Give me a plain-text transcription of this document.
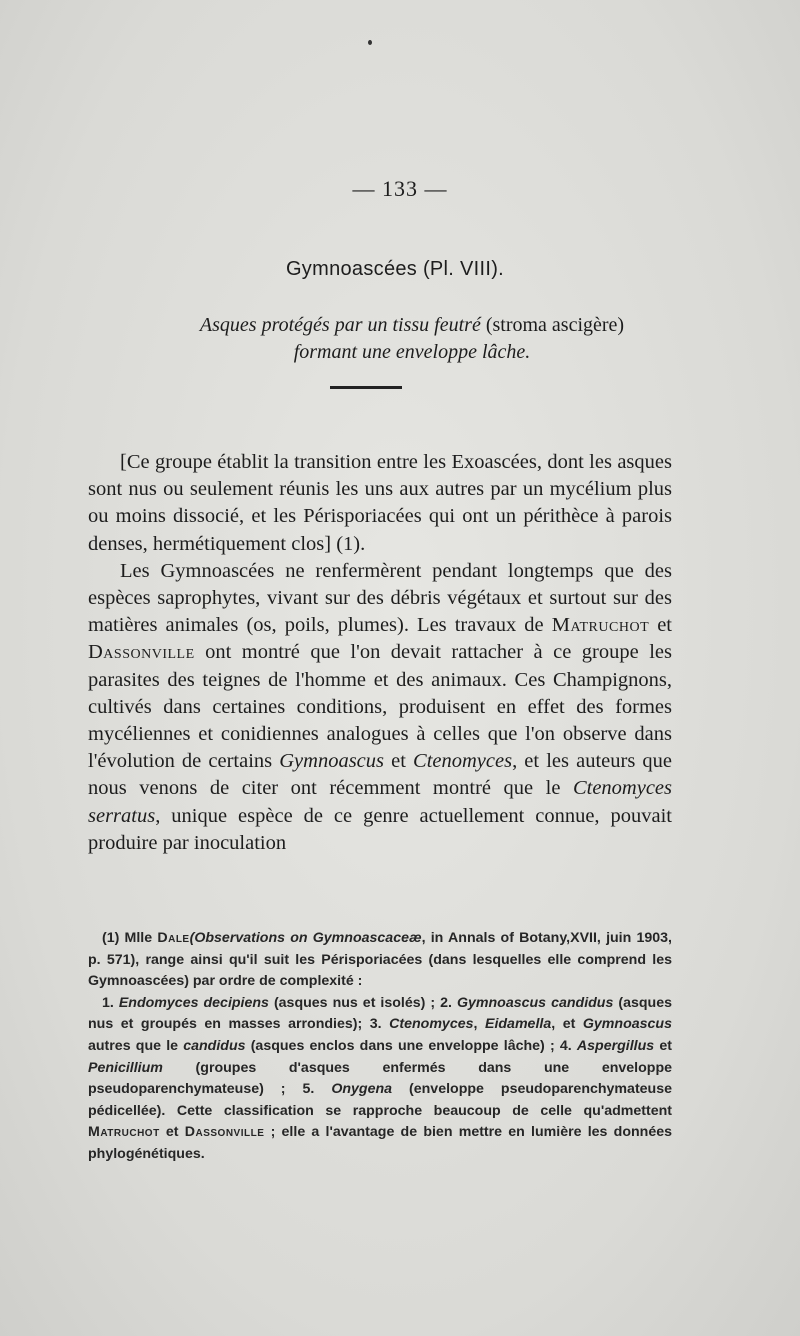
— 133 —
Gymnoascées (Pl. VIII).
Asques protégés par un tissu feutré (stroma ascigère)
formant une enveloppe lâche.

[Ce groupe établit la transition entre les Exoascées, dont les asques sont nus ou seulement réunis les uns aux autres par un mycélium plus ou moins dissocié, et les Périsporiacées qui ont un périthèce à parois denses, hermétiquement clos] (1).

Les Gymnoascées ne renfermèrent pendant longtemps que des espèces saprophytes, vivant sur des débris végétaux et surtout sur des matières animales (os, poils, plumes). Les travaux de Matruchot et Dassonville ont montré que l'on devait rattacher à ce groupe les parasites des teignes de l'homme et des animaux. Ces Champignons, cultivés dans certaines conditions, produisent en effet des formes mycéliennes et conidiennes analogues à celles que l'on observe dans l'évolution de certains Gymnoascus et Ctenomyces, et les auteurs que nous venons de citer ont récemment montré que le Ctenomyces serratus, unique espèce de ce genre actuellement connue, pouvait produire par inoculation

(1) Mlle Dale(Observations on Gymnoascaceæ, in Annals of Botany,XVII, juin 1903, p. 571), range ainsi qu'il suit les Périsporiacées (dans lesquelles elle comprend les Gymnoascées) par ordre de complexité :

1. Endomyces decipiens (asques nus et isolés) ; 2. Gymnoascus candidus (asques nus et groupés en masses arrondies); 3. Ctenomyces, Eidamella, et Gymnoascus autres que le candidus (asques enclos dans une enveloppe lâche) ; 4. Aspergillus et Penicillium (groupes d'asques enfermés dans une enveloppe pseudoparenchymateuse) ; 5. Onygena (enveloppe pseudoparenchymateuse pédicellée). Cette classification se rapproche beaucoup de celle qu'admettent Matruchot et Dassonville ; elle a l'avantage de bien mettre en lumière les données phylogénétiques.
